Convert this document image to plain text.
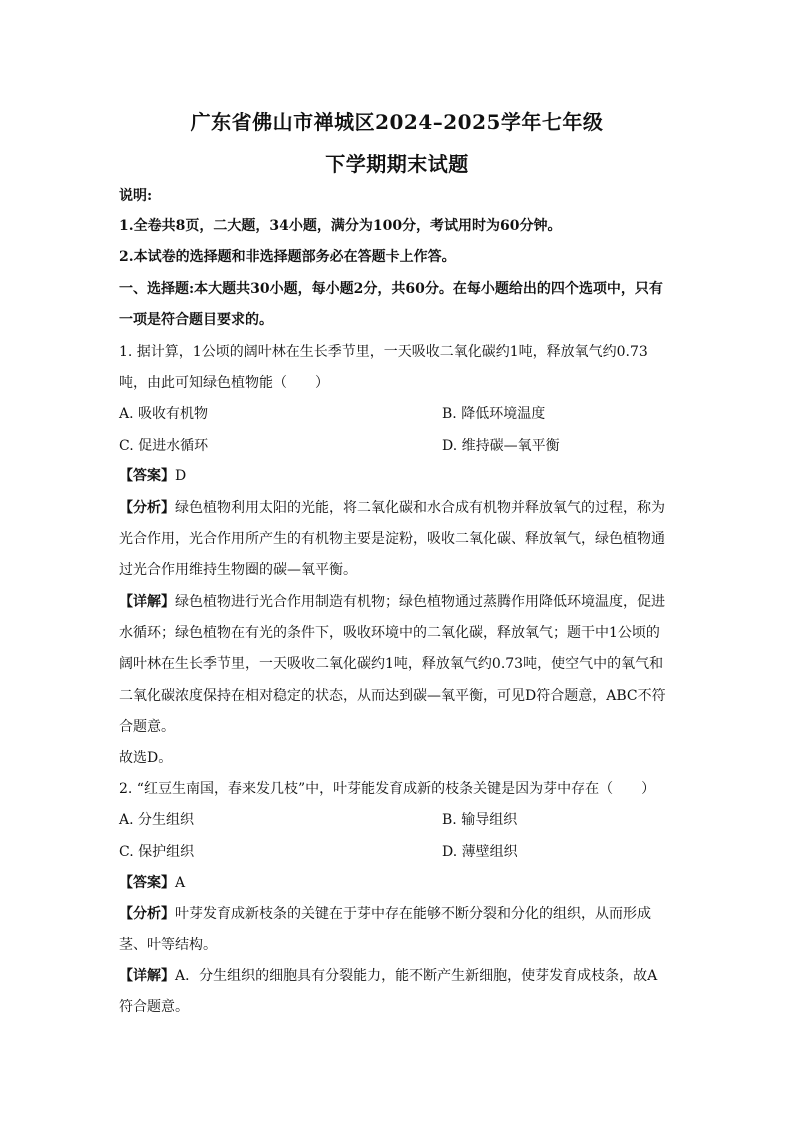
广东省佛山市禅城区2024–2025学年七年级
下学期期末试题
说明:
1.全卷共8页，二大题，34小题，满分为100分，考试用时为60分钟。
2.本试卷的选择题和非选择题部务必在答题卡上作答。
一、选择题:本大题共30小题，每小题2分，共60分。在每小题给出的四个选项中，只有
一项是符合题目要求的。
1. 据计算，1公顷的阔叶林在生长季节里，一天吸收二氧化碳约1吨，释放氧气约0.73
吨，由此可知绿色植物能（　　）
A. 吸收有机物	B. 降低环境温度
C. 促进水循环	D. 维持碳—氧平衡
【答案】D
【分析】绿色植物利用太阳的光能，将二氧化碳和水合成有机物并释放氧气的过程，称为
光合作用，光合作用所产生的有机物主要是淀粉，吸收二氧化碳、释放氧气，绿色植物通
过光合作用维持生物圈的碳—氧平衡。
【详解】绿色植物进行光合作用制造有机物；绿色植物通过蒸腾作用降低环境温度，促进
水循环；绿色植物在有光的条件下，吸收环境中的二氧化碳，释放氧气；题干中1公顷的
阔叶林在生长季节里，一天吸收二氧化碳约1吨，释放氧气约0.73吨，使空气中的氧气和
二氧化碳浓度保持在相对稳定的状态，从而达到碳—氧平衡，可见D符合题意，ABC不符
合题意。
故选D。
2. “红豆生南国，春来发几枝”中，叶芽能发育成新的枝条关键是因为芽中存在（　　）
A. 分生组织	B. 输导组织
C. 保护组织	D. 薄壁组织
【答案】A
【分析】叶芽发育成新枝条的关键在于芽中存在能够不断分裂和分化的组织，从而形成
茎、叶等结构。
【详解】A．分生组织的细胞具有分裂能力，能不断产生新细胞，使芽发育成枝条，故A
符合题意。
